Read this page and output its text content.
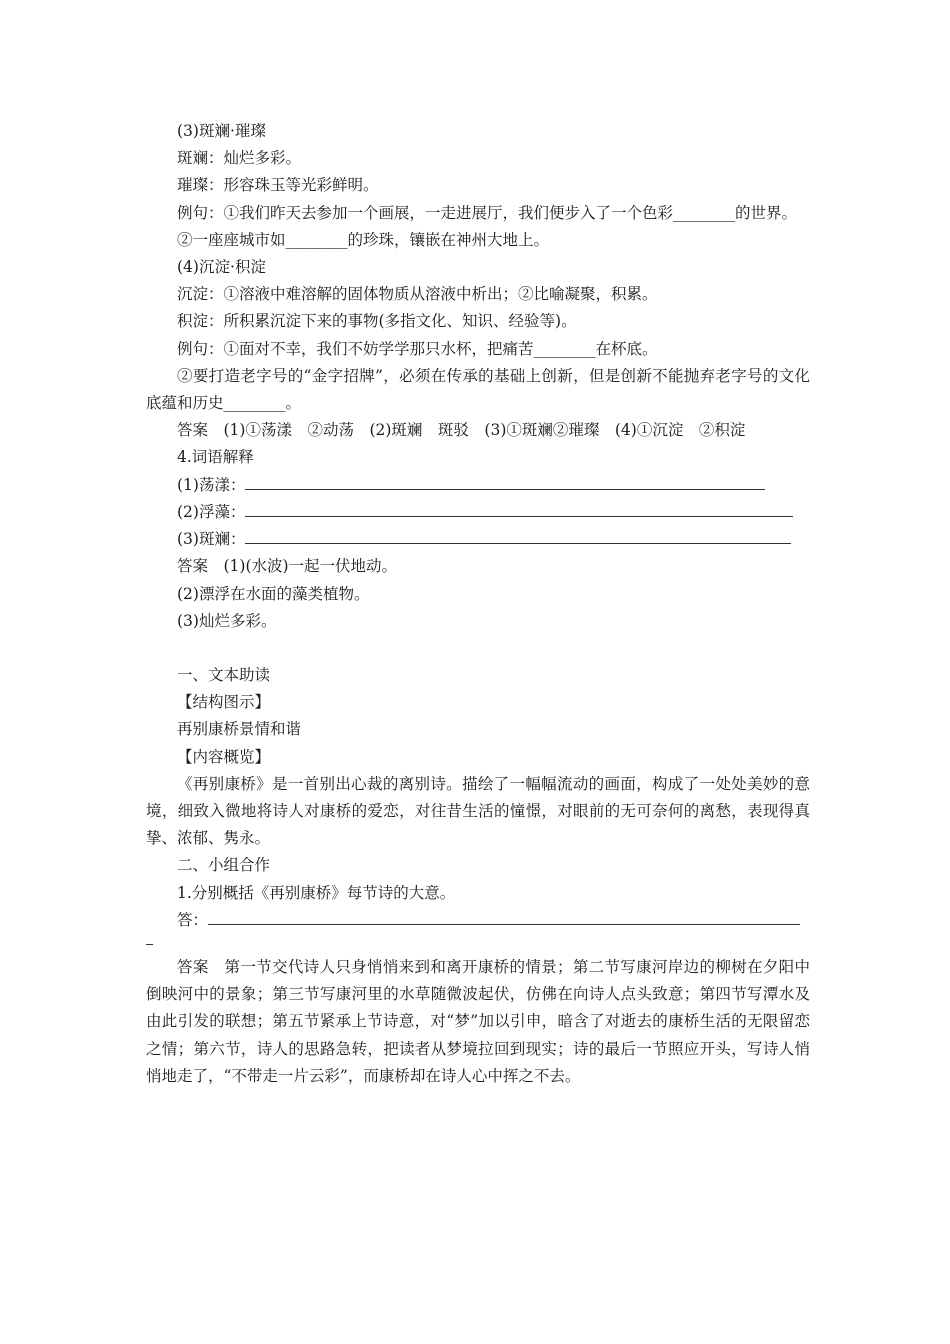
(3)斑斓·璀璨

斑斓：灿烂多彩。

璀璨：形容珠玉等光彩鲜明。

例句：①我们昨天去参加一个画展，一走进展厅，我们便步入了一个色彩________的世界。

②一座座城市如________的珍珠，镶嵌在神州大地上。

(4)沉淀·积淀

沉淀：①溶液中难溶解的固体物质从溶液中析出；②比喻凝聚，积累。

积淀：所积累沉淀下来的事物(多指文化、知识、经验等)。

例句：①面对不幸，我们不妨学学那只水杯，把痛苦________在杯底。

②要打造老字号的“金字招牌”，必须在传承的基础上创新，但是创新不能抛弃老字号的文化底蕴和历史________。

答案　(1)①荡漾　②动荡　(2)斑斓　斑驳　(3)①斑斓②璀璨　(4)①沉淀　②积淀

4.词语解释

(1)荡漾：

(2)浮藻：

(3)斑斓：

答案　(1)(水波)一起一伏地动。

(2)漂浮在水面的藻类植物。

(3)灿烂多彩。

一、文本助读

【结构图示】

再别康桥景情和谐

【内容概览】

《再别康桥》是一首别出心裁的离别诗。描绘了一幅幅流动的画面，构成了一处处美妙的意境，细致入微地将诗人对康桥的爱恋，对往昔生活的憧憬，对眼前的无可奈何的离愁，表现得真挚、浓郁、隽永。

二、小组合作

1.分别概括《再别康桥》每节诗的大意。

答：

答案　第一节交代诗人只身悄悄来到和离开康桥的情景；第二节写康河岸边的柳树在夕阳中倒映河中的景象；第三节写康河里的水草随微波起伏，仿佛在向诗人点头致意；第四节写潭水及由此引发的联想；第五节紧承上节诗意，对“梦”加以引申，暗含了对逝去的康桥生活的无限留恋之情；第六节，诗人的思路急转，把读者从梦境拉回到现实；诗的最后一节照应开头，写诗人悄悄地走了，“不带走一片云彩”，而康桥却在诗人心中挥之不去。
